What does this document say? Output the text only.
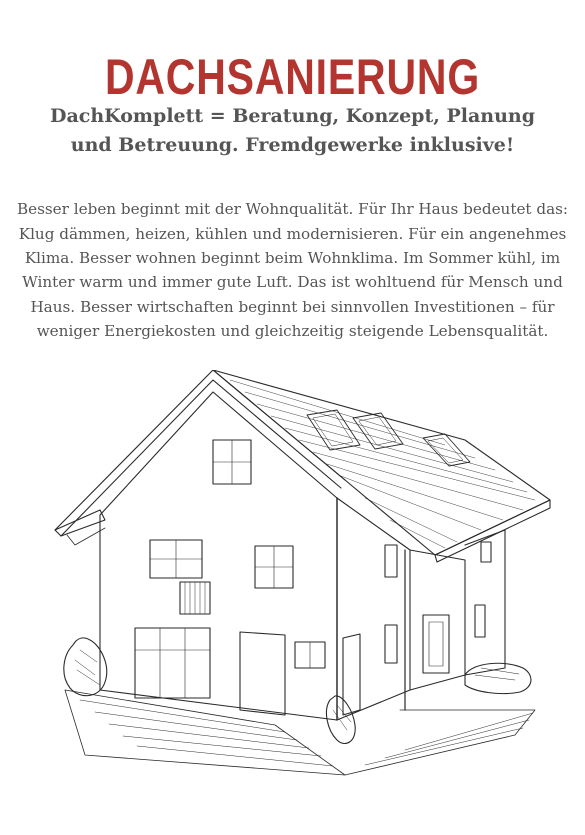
DACHSANIERUNG
DachKomplett = Beratung, Konzept, Planung und Betreuung. Fremdgewerke inklusive!

Besser leben beginnt mit der Wohnqualität. Für Ihr Haus bedeutet das: Klug dämmen, heizen, kühlen und modernisieren. Für ein angenehmes Klima. Besser wohnen beginnt beim Wohnklima. Im Sommer kühl, im Winter warm und immer gute Luft. Das ist wohltuend für Mensch und Haus. Besser wirtschaften beginnt bei sinnvollen Investitionen – für weniger Energiekosten und gleichzeitig steigende Lebensqualität.
